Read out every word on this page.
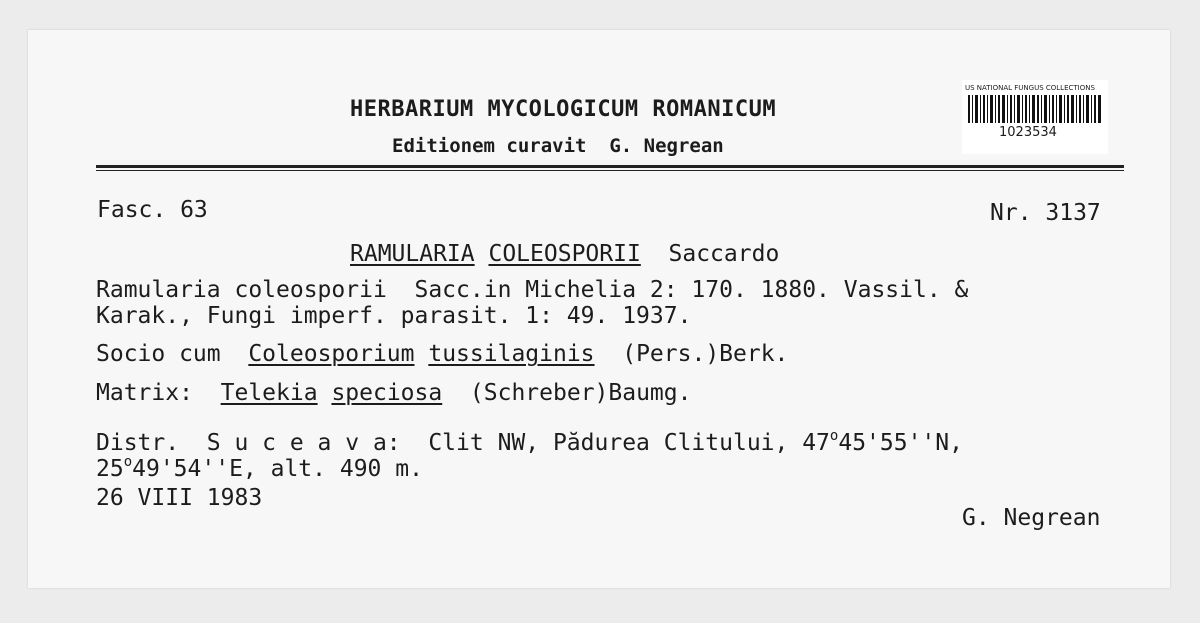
HERBARIUM MYCOLOGICUM ROMANICUM
Editionem curavit  G. Negrean
US NATIONAL FUNGUS COLLECTIONS
1023534
Fasc. 63	Nr. 3137
RAMULARIA COLEOSPORII Saccardo
Ramularia coleosporii  Sacc.in Michelia 2: 170. 1880. Vassil. &
Karak., Fungi imperf. parasit. 1: 49. 1937.
Socio cum Coleosporium tussilaginis (Pers.)Berk.
Matrix: Telekia speciosa (Schreber)Baumg.
Distr.  S u c e a v a:  Clit NW, Pădurea Clitului, 47$^o$45'55''N,
25$^o$49'54''E, alt. 490 m.
26 VIII 1983
G. Negrean
